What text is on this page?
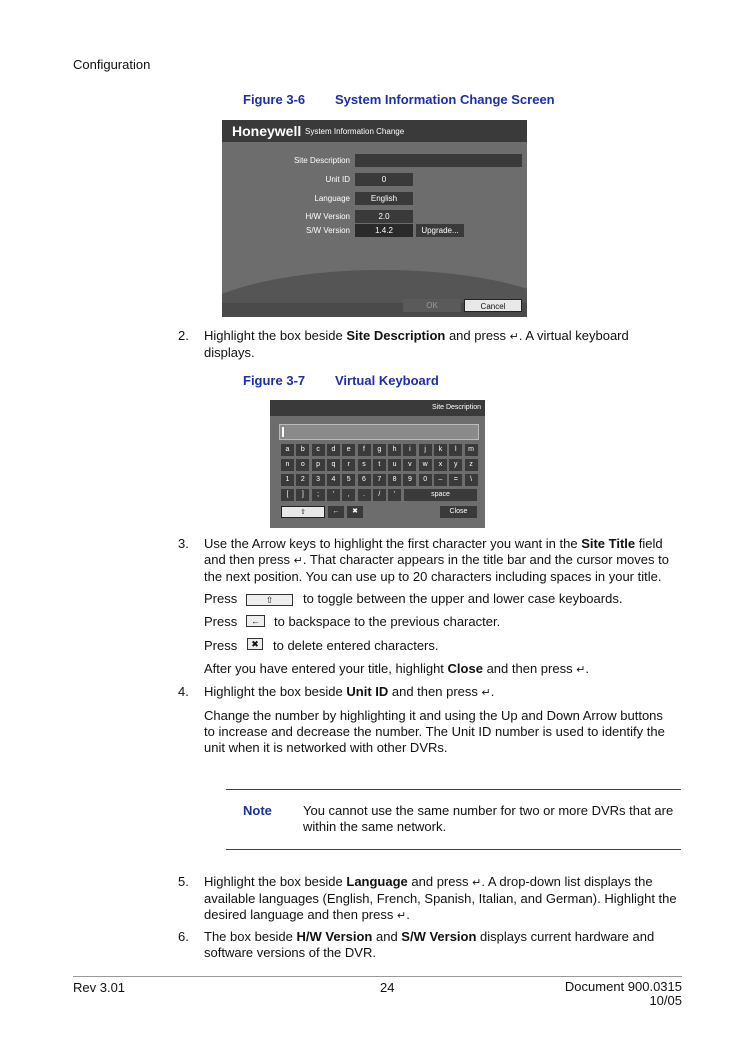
Configuration
Figure 3-6 System Information Change Screen
Honeywell System Information Change
Site Description
Unit ID	0
Language	English
H/W Version	2.0
S/W Version	1.4.2	Upgrade...
OK	Cancel
2. Highlight the box beside Site Description and press ↵. A virtual keyboard
displays.
Figure 3-7 Virtual Keyboard
Site Description
a	b	c	d	e	f	g	h	i	j	k	l	m
n	o	p	q	r	s	t	u	v	w	x	y	z
1	2	3	4	5	6	7	8	9	0	–	=	\
[	]	;	'	,	.	/	'	space
⇧	←	✖	Close
3. Use the Arrow keys to highlight the first character you want in the Site Title field
and then press ↵. That character appears in the title bar and the cursor moves to
the next position. You can use up to 20 characters including spaces in your title.
Press	⇧	to toggle between the upper and lower case keyboards.
Press	←	to backspace to the previous character.
Press	✖	to delete entered characters.
After you have entered your title, highlight Close and then press ↵.
4. Highlight the box beside Unit ID and then press ↵.
Change the number by highlighting it and using the Up and Down Arrow buttons
to increase and decrease the number. The Unit ID number is used to identify the
unit when it is networked with other DVRs.
Note You cannot use the same number for two or more DVRs that are
within the same network.
5. Highlight the box beside Language and press ↵. A drop-down list displays the
available languages (English, French, Spanish, Italian, and German). Highlight the
desired language and then press ↵.
6. The box beside H/W Version and S/W Version displays current hardware and
software versions of the DVR.
Rev 3.01	24	Document 900.0315
10/05
